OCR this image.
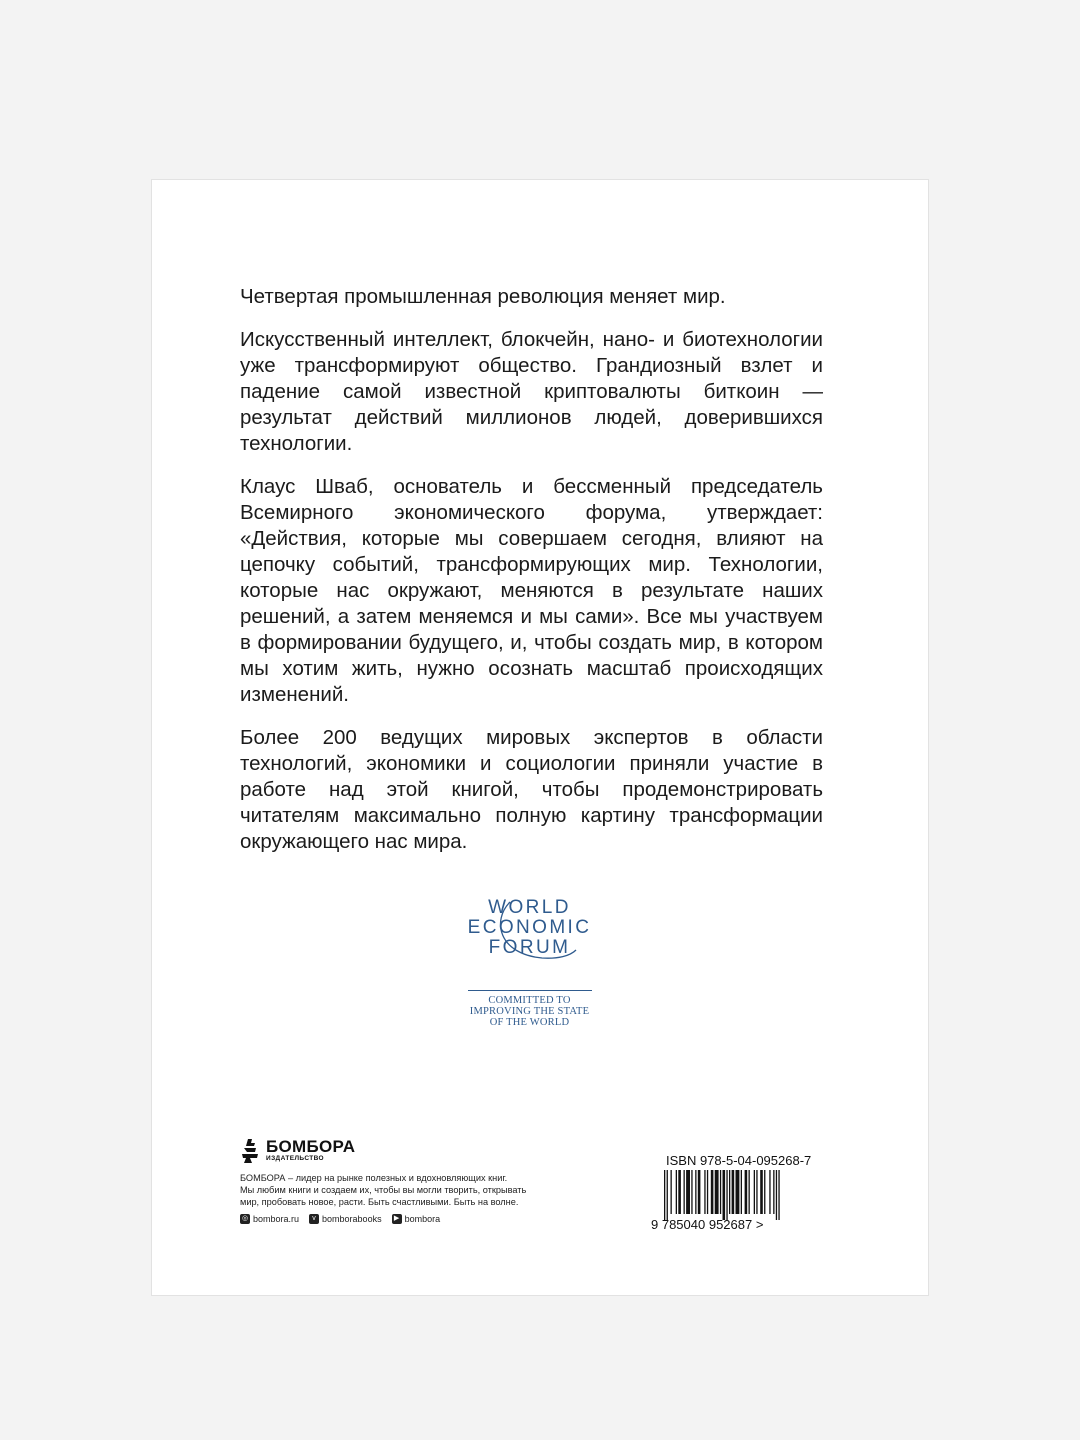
Четвертая промышленная революция меняет мир.

Искусственный интеллект, блокчейн, нано- и биотехнологии уже трансформируют общество. Грандиозный взлет и падение самой известной криптовалюты биткоин — результат действий миллионов людей, доверившихся технологии.

Клаус Шваб, основатель и бессменный председатель Всемирного экономического форума, утверждает: «Действия, которые мы совершаем сегодня, влияют на цепочку событий, трансформирующих мир. Технологии, которые нас окружают, меняются в результате наших решений, а затем меняемся и мы сами». Все мы участвуем в формировании будущего, и, чтобы создать мир, в котором мы хотим жить, нужно осознать масштаб происходящих изменений.

Более 200 ведущих мировых экспертов в области технологий, экономики и социологии приняли участие в работе над этой книгой, чтобы продемонстрировать читателям максимально полную картину трансформации окружающего нас мира.

WORLD
ECONOMIC
FORUM
COMMITTED TO
IMPROVING THE STATE
OF THE WORLD
БОМБОРА
ИЗДАТЕЛЬСТВО
БОМБОРА – лидер на рынке полезных и вдохновляющих книг.
Мы любим книги и создаем их, чтобы вы могли творить, открывать
мир, пробовать новое, расти. Быть счастливыми. Быть на волне.
◎ bombora.ru	v bomborabooks	▶ bombora
ISBN 978-5-04-095268-7
9 785040 952687 >
